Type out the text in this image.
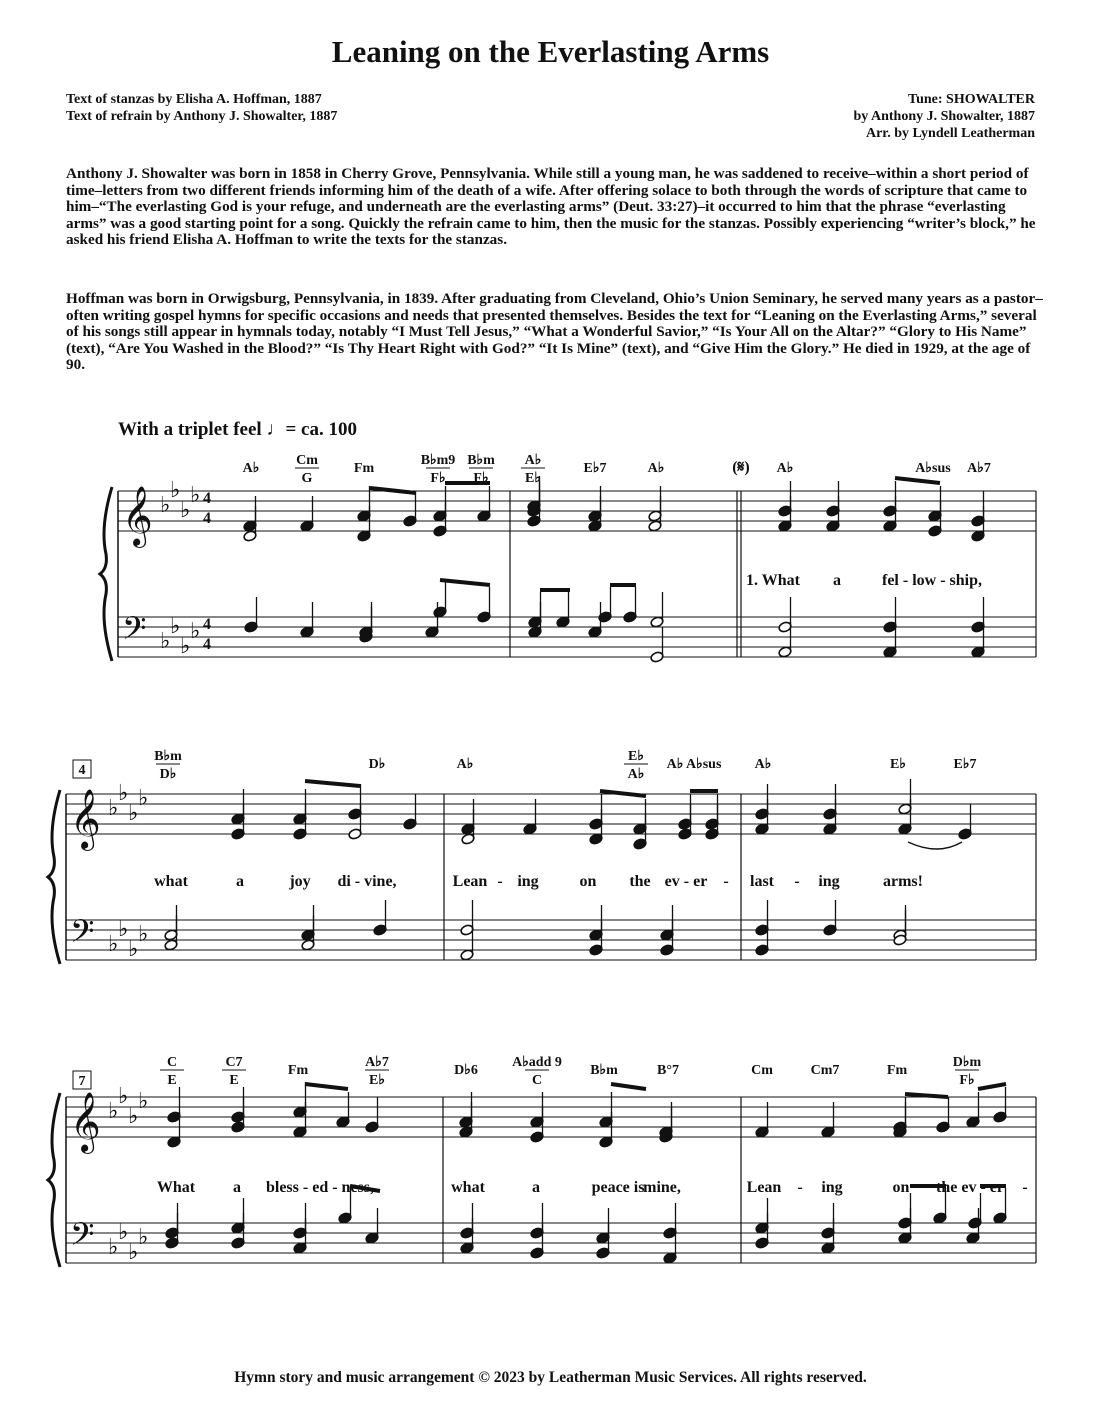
Leaning on the Everlasting Arms
Text of stanzas by Elisha A. Hoffman, 1887
Text of refrain by Anthony J. Showalter, 1887
Tune: SHOWALTER
by Anthony J. Showalter, 1887
Arr. by Lyndell Leatherman

Anthony J. Showalter was born in 1858 in Cherry Grove, Pennsylvania. While still a young man, he was saddened to receive–within a short period of time–letters from two different friends informing him of the death of a wife. After offering solace to both through the words of scripture that came to him–“The everlasting God is your refuge, and underneath are the everlasting arms” (Deut. 33:27)–it occurred to him that the phrase “everlasting arms” was a good starting point for a song. Quickly the refrain came to him, then the music for the stanzas. Possibly experiencing “writer’s block,” he asked his friend Elisha A. Hoffman to write the texts for the stanzas.

Hoffman was born in Orwigsburg, Pennsylvania, in 1839. After graduating from Cleveland, Ohio’s Union Seminary, he served many years as a pastor–often writing gospel hymns for specific occasions and needs that presented themselves. Besides the text for “Leaning on the Everlasting Arms,” several of his songs still appear in hymnals today, notably “I Must Tell Jesus,” “What a Wonderful Savior,” “Is Your All on the Altar?” “Glory to His Name” (text), “Are You Washed in the Blood?” “Is Thy Heart Right with God?” “It Is Mine” (text), and “Give Him the Glory.” He died in 1929, at the age of 90.

With a triplet feel ♩= ca. 100
𝄞
𝄢
♭
♭
♭
♭
♭
♭
♭
♭
A♭
Cm
G
Fm
B♭m9
F♭
B♭m
F♭
A♭
E♭
E♭7	A♭	A♭	A♭sus A♭7
1. What a	fel - low - ship,
𝄞
𝄢
♭
♭
♭
♭
♭
♭
♭
♭
B♭m
D♭
D♭	A♭
E♭
A♭
A♭ A♭sus A♭	E♭	E♭7
what	a	joy di - vine,	Lean - ing	on the ev - er - last - ing	arms!
𝄞
𝄢
♭
♭
♭
♭
♭
♭
♭
♭
C
E
C7
E
Fm
A♭7
E♭
D♭6
A♭add 9
C
B♭m	B°7	Cm	Cm7	Fm
D♭m
F♭
What a bless - ed - ness,	what	a	peace is
mine,	Lean - ing	on the ev - er -
4
4
4
4
(𝄋)
4
7
Hymn story and music arrangement © 2023 by Leatherman Music Services. All rights reserved.
